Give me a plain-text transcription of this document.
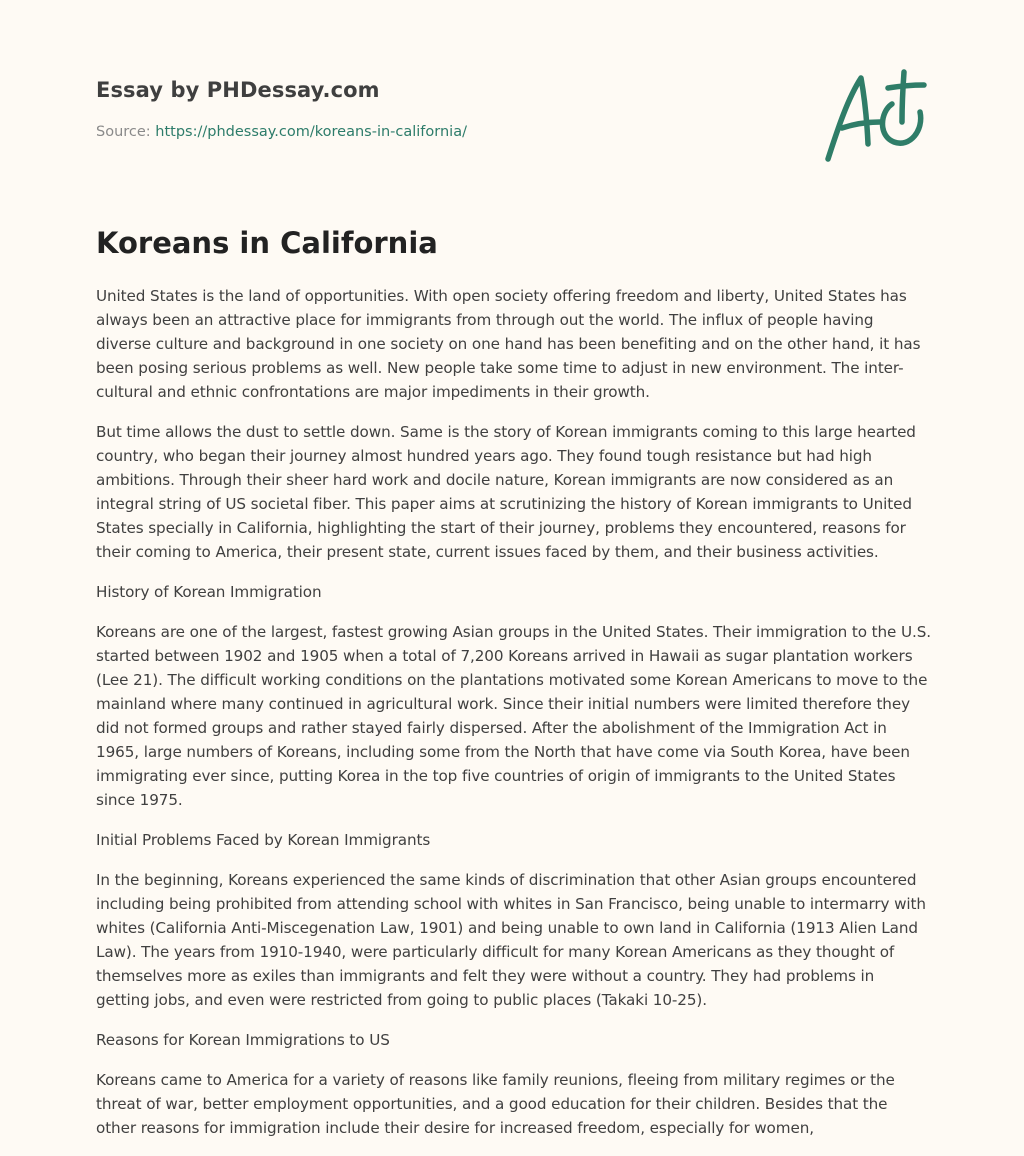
Essay by PHDessay.com
Source: https://phdessay.com/koreans-in-california/
Koreans in California

United States is the land of opportunities. With open society offering freedom and liberty, United States has always been an attractive place for immigrants from through out the world. The influx of people having diverse culture and background in one society on one hand has been benefiting and on the other hand, it has been posing serious problems as well. New people take some time to adjust in new environment. The inter-cultural and ethnic confrontations are major impediments in their growth.

But time allows the dust to settle down. Same is the story of Korean immigrants coming to this large hearted country, who began their journey almost hundred years ago. They found tough resistance but had high ambitions. Through their sheer hard work and docile nature, Korean immigrants are now considered as an integral string of US societal fiber. This paper aims at scrutinizing the history of Korean immigrants to United States specially in California, highlighting the start of their journey, problems they encountered, reasons for their coming to America, their present state, current issues faced by them, and their business activities.

History of Korean Immigration

Koreans are one of the largest, fastest growing Asian groups in the United States. Their immigration to the U.S. started between 1902 and 1905 when a total of 7,200 Koreans arrived in Hawaii as sugar plantation workers (Lee 21). The difficult working conditions on the plantations motivated some Korean Americans to move to the mainland where many continued in agricultural work. Since their initial numbers were limited therefore they did not formed groups and rather stayed fairly dispersed. After the abolishment of the Immigration Act in 1965, large numbers of Koreans, including some from the North that have come via South Korea, have been immigrating ever since, putting Korea in the top five countries of origin of immigrants to the United States since 1975.

Initial Problems Faced by Korean Immigrants

In the beginning, Koreans experienced the same kinds of discrimination that other Asian groups encountered including being prohibited from attending school with whites in San Francisco, being unable to intermarry with whites (California Anti-Miscegenation Law, 1901) and being unable to own land in California (1913 Alien Land Law). The years from 1910-1940, were particularly difficult for many Korean Americans as they thought of themselves more as exiles than immigrants and felt they were without a country. They had problems in getting jobs, and even were restricted from going to public places (Takaki 10-25).

Reasons for Korean Immigrations to US

Koreans came to America for a variety of reasons like family reunions, fleeing from military regimes or the threat of war, better employment opportunities, and a good education for their children. Besides that the other reasons for immigration include their desire for increased freedom, especially for women,
